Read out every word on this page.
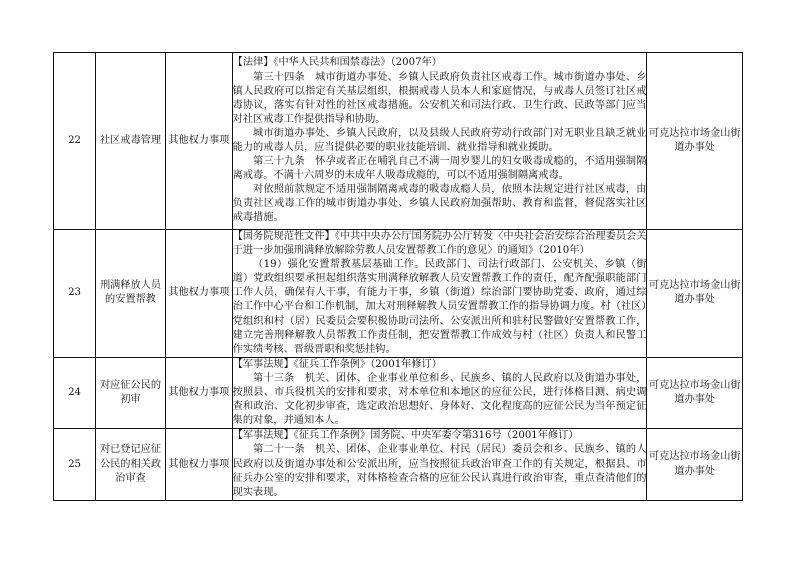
22	社区戒毒管理	其他权力事项	【法律】《中华人民共和国禁毒法》（2007年）

第三十四条　城市街道办事处、乡镇人民政府负责社区戒毒工作。城市街道办事处、乡镇人民政府可以指定有关基层组织，根据戒毒人员本人和家庭情况，与戒毒人员签订社区戒毒协议，落实有针对性的社区戒毒措施。公安机关和司法行政、卫生行政、民政等部门应当对社区戒毒工作提供指导和协助。

城市街道办事处、乡镇人民政府，以及县级人民政府劳动行政部门对无职业且缺乏就业能力的戒毒人员，应当提供必要的职业技能培训、就业指导和就业援助。

第三十九条　怀孕或者正在哺乳自己不满一周岁婴儿的妇女吸毒成瘾的，不适用强制隔离戒毒。不满十六周岁的未成年人吸毒成瘾的，可以不适用强制隔离戒毒。

对依照前款规定不适用强制隔离戒毒的吸毒成瘾人员，依照本法规定进行社区戒毒，由负责社区戒毒工作的城市街道办事处、乡镇人民政府加强帮助、教育和监督，督促落实社区戒毒措施。	可克达拉市场金山街道办事处
23	刑满释放人员的安置帮教	其他权力事项	【国务院规范性文件】《中共中央办公厅国务院办公厅转发〈中央社会治安综合治理委员会关于进一步加强刑满释放解除劳教人员安置帮教工作的意见〉的通知》（2010年）

（19）强化安置帮教基层基础工作。民政部门、司法行政部门、公安机关、乡镇（街道）党政组织要承担起组织落实刑满释放解教人员安置帮教工作的责任，配齐配强职能部门工作人员，确保有人干事，有能力干事，乡镇（街道）综治部门要协助党委、政府，通过综治工作中心平台和工作机制，加大对刑释解教人员安置帮教工作的指导协调力度。村（社区）党组织和村（居）民委员会要积极协助司法所、公安派出所和驻村民警做好安置帮教工作，建立完善刑释解教人员帮教工作责任制，把安置帮教工作成效与村（社区）负责人和民警工作实绩考核、晋级晋职和奖惩挂钩。	可克达拉市场金山街道办事处
24	对应征公民的初审	其他权力事项	【军事法规】《征兵工作条例》（2001年修订）

第十三条　机关、团体、企业事业单位和乡、民族乡、镇的人民政府以及街道办事处，按照县、市兵役机关的安排和要求，对本单位和本地区的应征公民，进行体格目测、病史调查和政治、文化初步审查，选定政治思想好、身体好、文化程度高的应征公民为当年预定征集的对象，并通知本人。	可克达拉市场金山街道办事处
25	对已登记应征公民的相关政治审查	其他权力事项	【军事法规】《征兵工作条例》国务院、中央军委令第316号（2001年修订）

第二十一条　机关、团体、企业事业单位、村民（居民）委员会和乡、民族乡、镇的人民政府以及街道办事处和公安派出所，应当按照征兵政治审查工作的有关规定，根据县、市征兵办公室的安排和要求，对体格检查合格的应征公民认真进行政治审查，重点查清他们的现实表现。	可克达拉市场金山街道办事处
